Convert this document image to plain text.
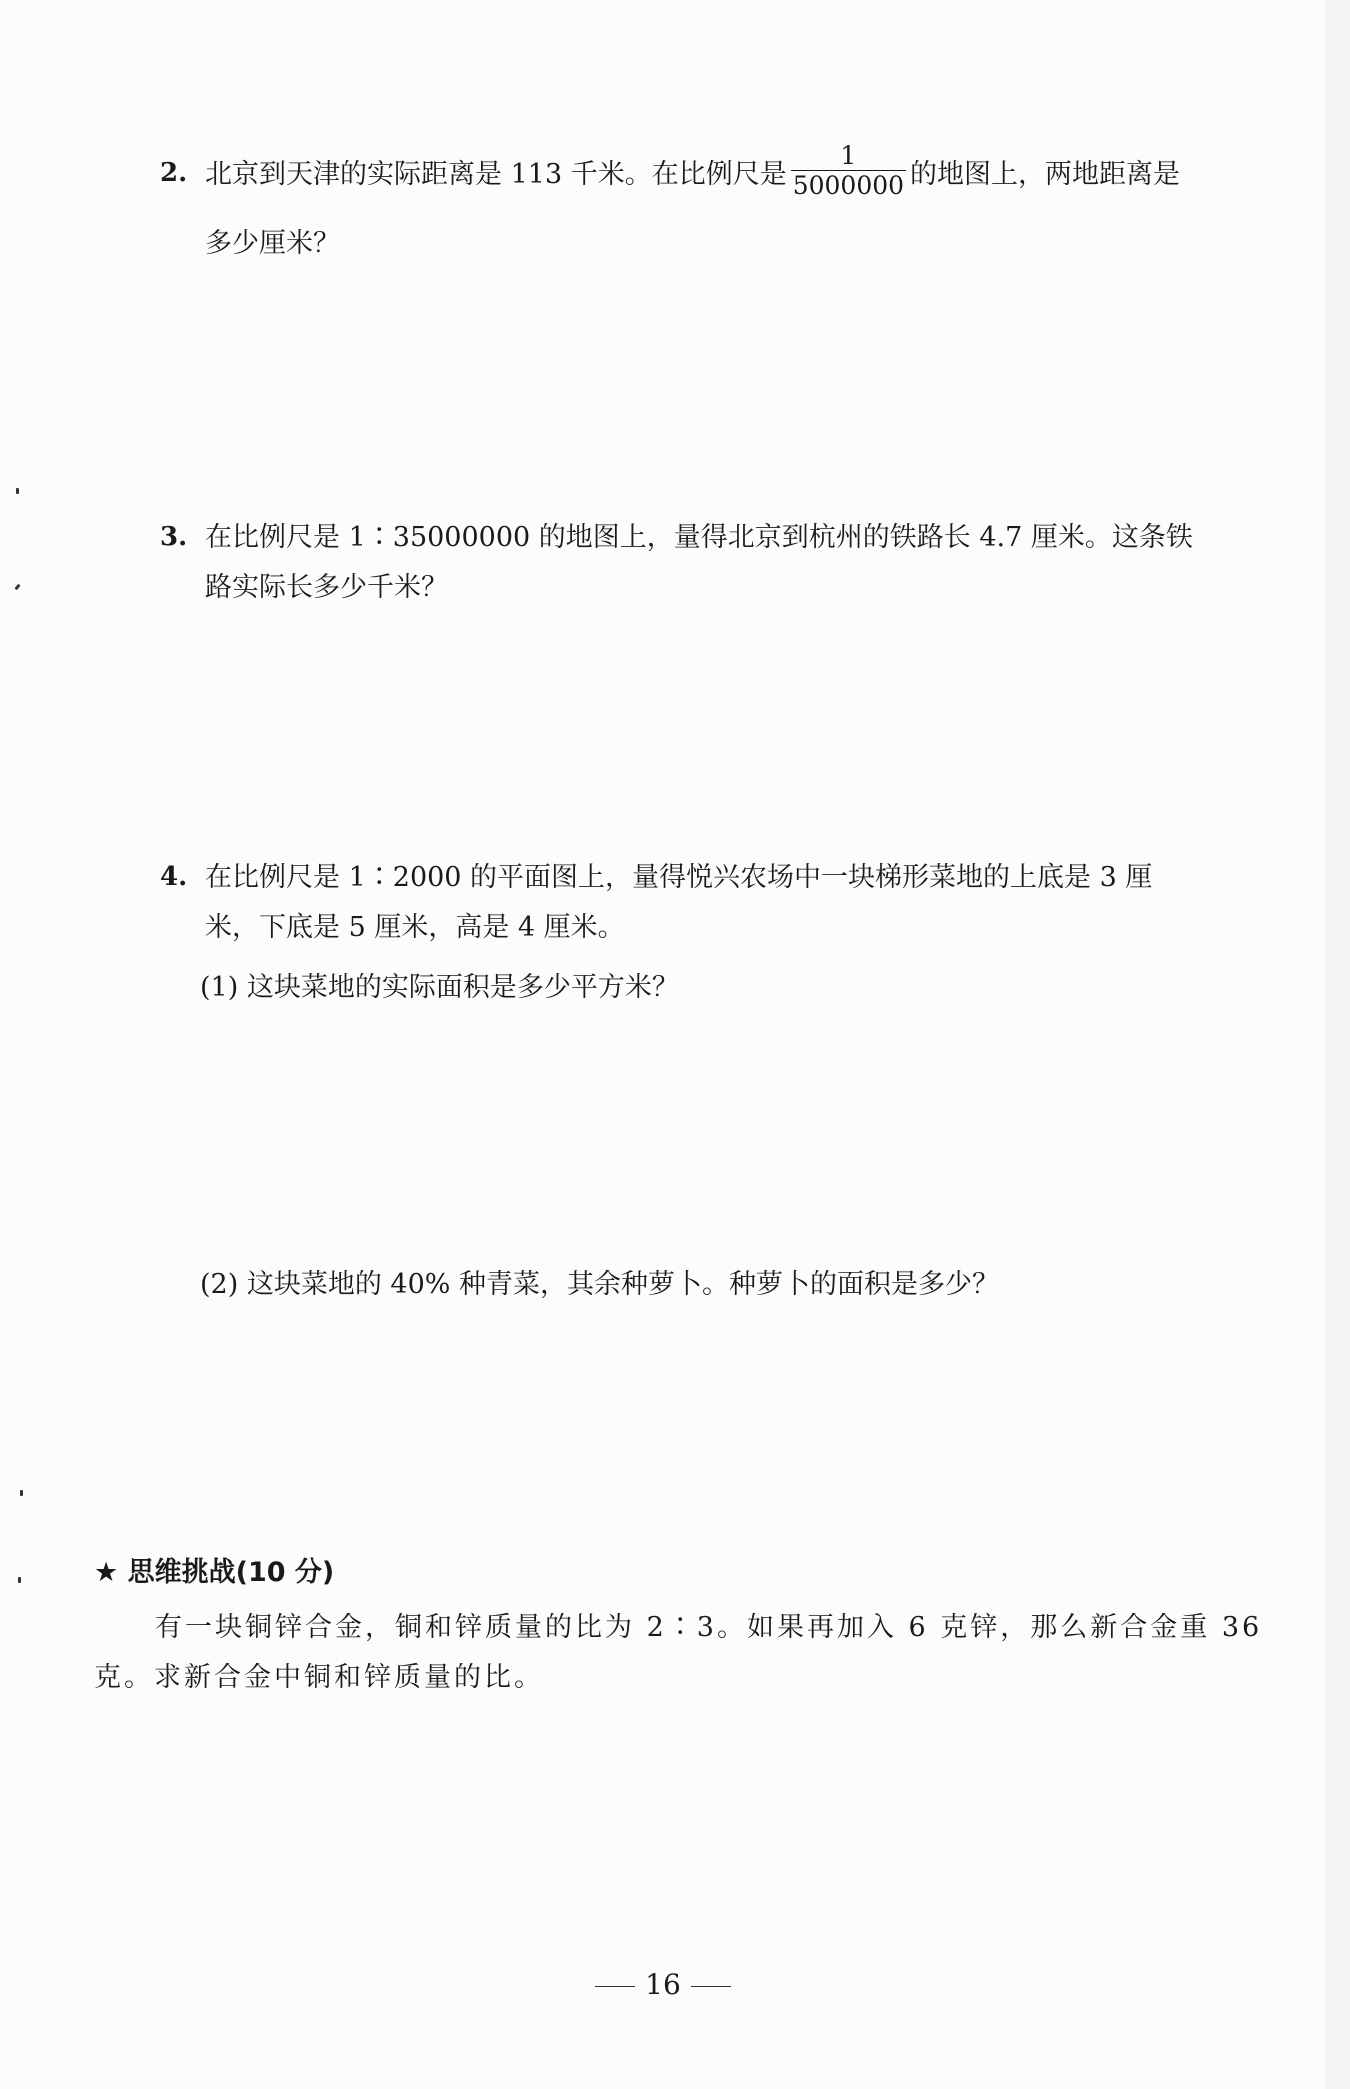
2. 北京到天津的实际距离是 113 千米。在比例尺是 $\frac{1}{5000000}$ 的地图上，两地距离是
多少厘米？
3. 在比例尺是 1∶35000000 的地图上，量得北京到杭州的铁路长 4.7 厘米。这条铁
路实际长多少千米？
4. 在比例尺是 1∶2000 的平面图上，量得悦兴农场中一块梯形菜地的上底是 3 厘
米，下底是 5 厘米，高是 4 厘米。
(1) 这块菜地的实际面积是多少平方米？
(2) 这块菜地的 40% 种青菜，其余种萝卜。种萝卜的面积是多少？
★ 思维挑战(10 分)
有一块铜锌合金，铜和锌质量的比为 2∶3。如果再加入 6 克锌，那么新合金重 36
克。求新合金中铜和锌质量的比。
16
